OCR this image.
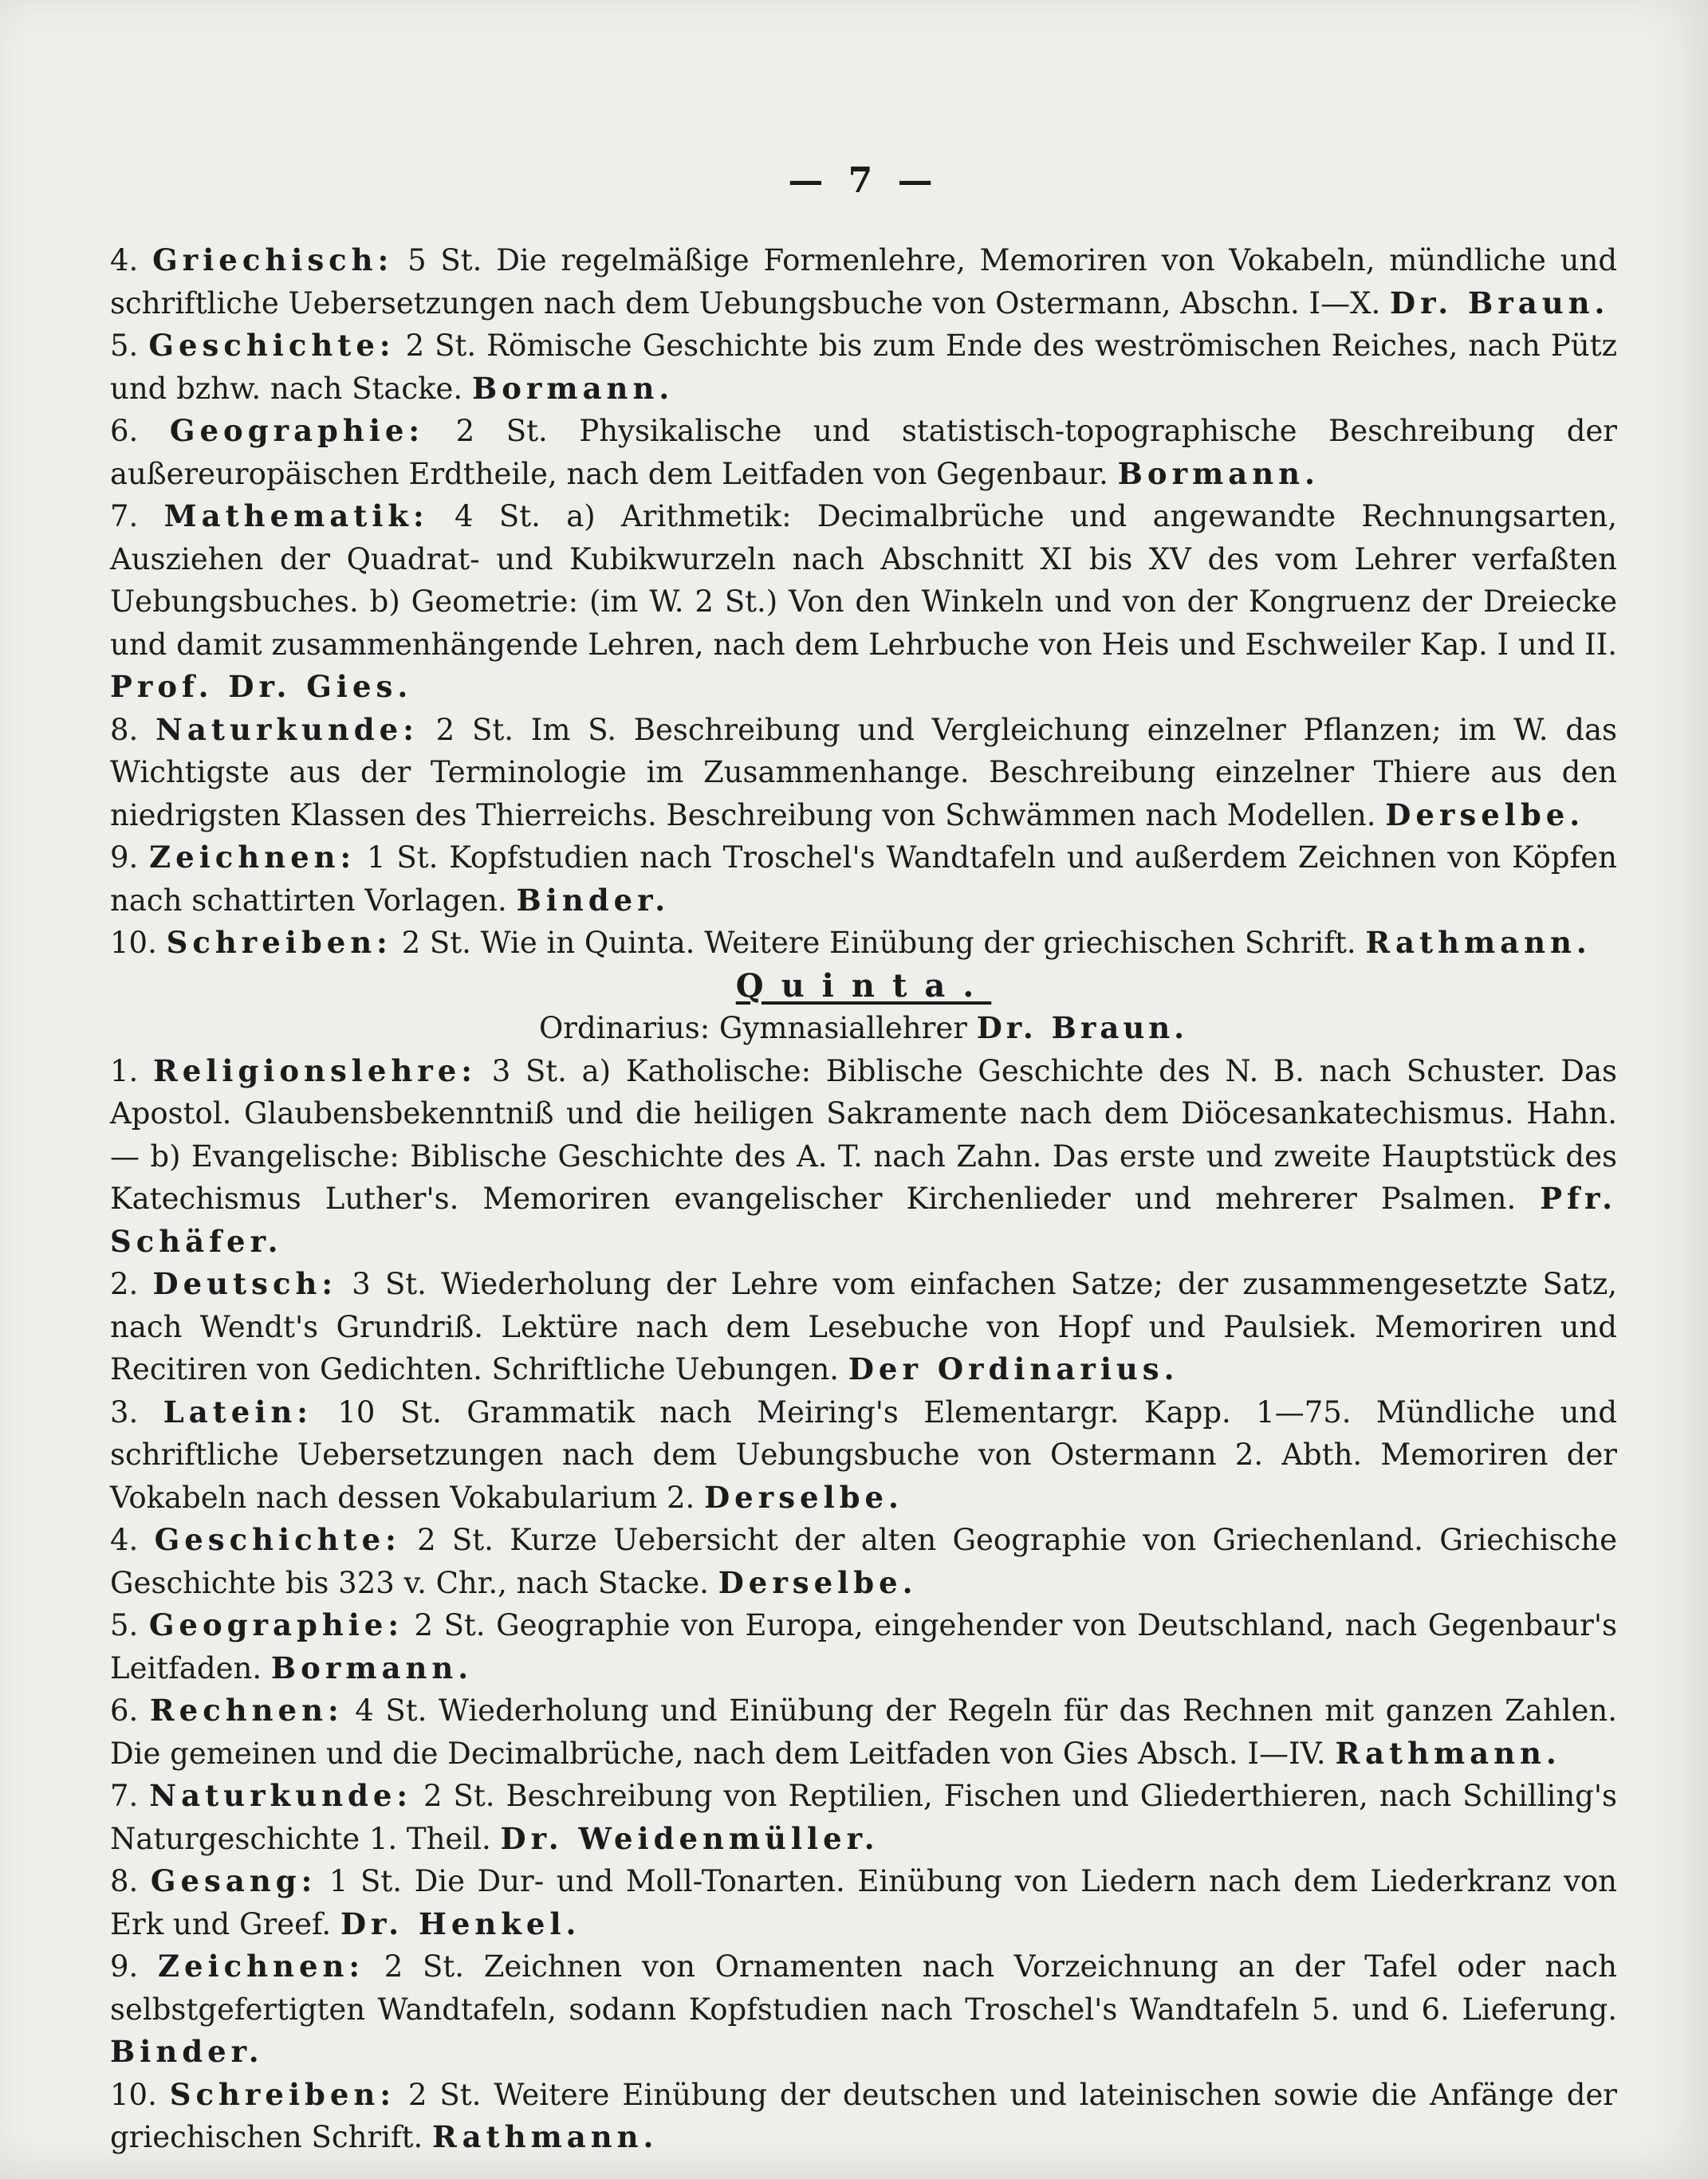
— 7 —

4. Griechisch: 5 St. Die regelmäßige Formenlehre, Memoriren von Vokabeln, mündliche und schriftliche Uebersetzungen nach dem Uebungsbuche von Ostermann, Abschn. I—X. Dr. Braun.

5. Geschichte: 2 St. Römische Geschichte bis zum Ende des weströmischen Reiches, nach Pütz und bzhw. nach Stacke. Bormann.

6. Geographie: 2 St. Physikalische und statistisch-topographische Beschreibung der außereuropäischen Erdtheile, nach dem Leitfaden von Gegenbaur. Bormann.

7. Mathematik: 4 St. a) Arithmetik: Decimalbrüche und angewandte Rechnungsarten, Ausziehen der Quadrat- und Kubikwurzeln nach Abschnitt XI bis XV des vom Lehrer verfaßten Uebungsbuches. b) Geometrie: (im W. 2 St.) Von den Winkeln und von der Kongruenz der Dreiecke und damit zusammenhängende Lehren, nach dem Lehrbuche von Heis und Eschweiler Kap. I und II. Prof. Dr. Gies.

8. Naturkunde: 2 St. Im S. Beschreibung und Vergleichung einzelner Pflanzen; im W. das Wichtigste aus der Terminologie im Zusammenhange. Beschreibung einzelner Thiere aus den niedrigsten Klassen des Thierreichs. Beschreibung von Schwämmen nach Modellen. Derselbe.

9. Zeichnen: 1 St. Kopfstudien nach Troschel's Wandtafeln und außerdem Zeichnen von Köpfen nach schattirten Vorlagen. Binder.

10. Schreiben: 2 St. Wie in Quinta. Weitere Einübung der griechischen Schrift. Rathmann.

Quinta.

Ordinarius: Gymnasiallehrer Dr. Braun.

1. Religionslehre: 3 St. a) Katholische: Biblische Geschichte des N. B. nach Schuster. Das Apostol. Glaubensbekenntniß und die heiligen Sakramente nach dem Diöcesankatechismus. Hahn. — b) Evangelische: Biblische Geschichte des A. T. nach Zahn. Das erste und zweite Hauptstück des Katechismus Luther's. Memoriren evangelischer Kirchenlieder und mehrerer Psalmen. Pfr. Schäfer.

2. Deutsch: 3 St. Wiederholung der Lehre vom einfachen Satze; der zusammengesetzte Satz, nach Wendt's Grundriß. Lektüre nach dem Lesebuche von Hopf und Paulsiek. Memoriren und Recitiren von Gedichten. Schriftliche Uebungen. Der Ordinarius.

3. Latein: 10 St. Grammatik nach Meiring's Elementargr. Kapp. 1—75. Mündliche und schriftliche Uebersetzungen nach dem Uebungsbuche von Ostermann 2. Abth. Memoriren der Vokabeln nach dessen Vokabularium 2. Derselbe.

4. Geschichte: 2 St. Kurze Uebersicht der alten Geographie von Griechenland. Griechische Geschichte bis 323 v. Chr., nach Stacke. Derselbe.

5. Geographie: 2 St. Geographie von Europa, eingehender von Deutschland, nach Gegenbaur's Leitfaden. Bormann.

6. Rechnen: 4 St. Wiederholung und Einübung der Regeln für das Rechnen mit ganzen Zahlen. Die gemeinen und die Decimalbrüche, nach dem Leitfaden von Gies Absch. I—IV. Rathmann.

7. Naturkunde: 2 St. Beschreibung von Reptilien, Fischen und Gliederthieren, nach Schilling's Naturgeschichte 1. Theil. Dr. Weidenmüller.

8. Gesang: 1 St. Die Dur- und Moll-Tonarten. Einübung von Liedern nach dem Liederkranz von Erk und Greef. Dr. Henkel.

9. Zeichnen: 2 St. Zeichnen von Ornamenten nach Vorzeichnung an der Tafel oder nach selbstgefertigten Wandtafeln, sodann Kopfstudien nach Troschel's Wandtafeln 5. und 6. Lieferung. Binder.

10. Schreiben: 2 St. Weitere Einübung der deutschen und lateinischen sowie die Anfänge der griechischen Schrift. Rathmann.
